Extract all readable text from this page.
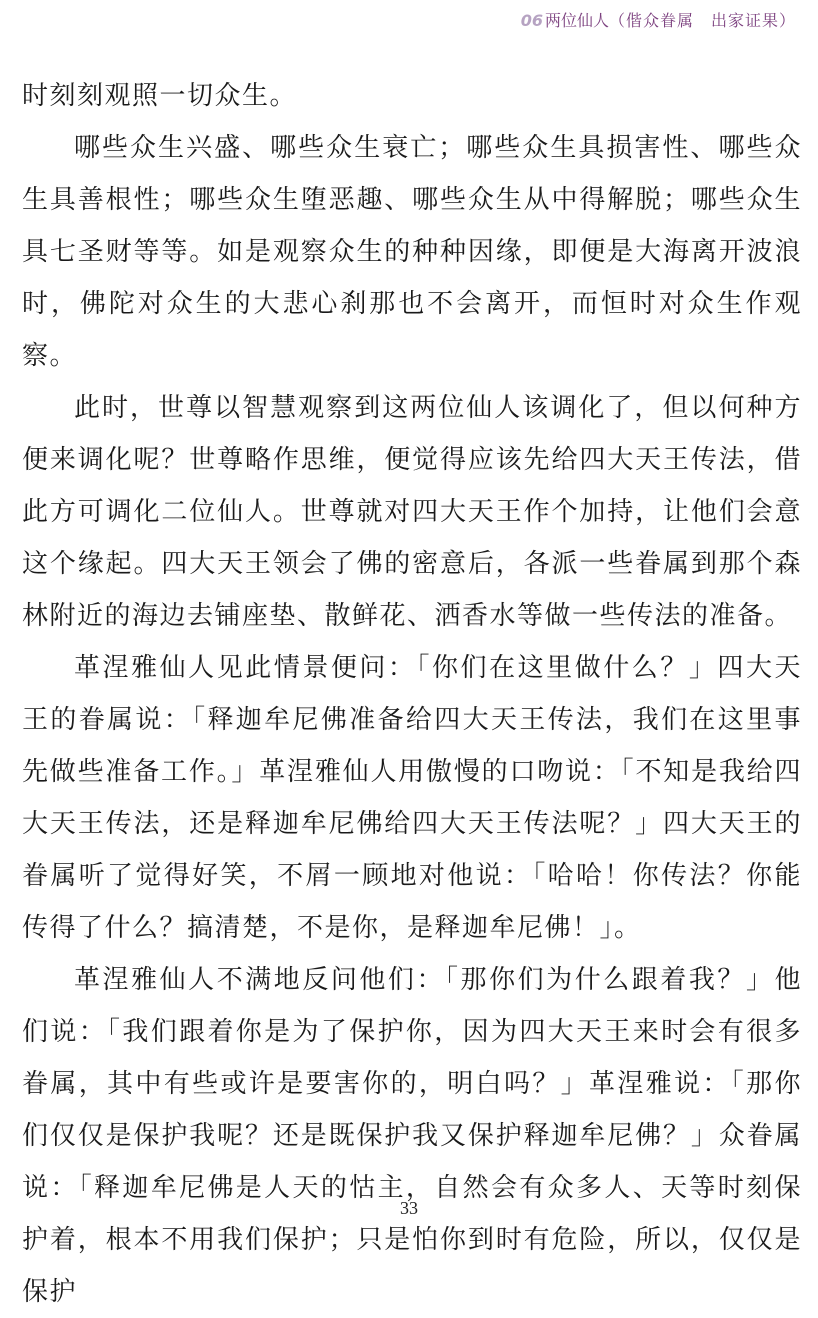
06 两位仙人（偕众眷属　出家证果）

时刻刻观照一切众生。

哪些众生兴盛、哪些众生衰亡；哪些众生具损害性、哪些众生具善根性；哪些众生堕恶趣、哪些众生从中得解脱；哪些众生具七圣财等等。如是观察众生的种种因缘，即便是大海离开波浪时，佛陀对众生的大悲心刹那也不会离开，而恒时对众生作观察。

此时，世尊以智慧观察到这两位仙人该调化了，但以何种方便来调化呢？世尊略作思维，便觉得应该先给四大天王传法，借此方可调化二位仙人。世尊就对四大天王作个加持，让他们会意这个缘起。四大天王领会了佛的密意后，各派一些眷属到那个森林附近的海边去铺座垫、散鲜花、洒香水等做一些传法的准备。

革涅雅仙人见此情景便问：「你们在这里做什么？」四大天王的眷属说：「释迦牟尼佛准备给四大天王传法，我们在这里事先做些准备工作。」革涅雅仙人用傲慢的口吻说：「不知是我给四大天王传法，还是释迦牟尼佛给四大天王传法呢？」四大天王的眷属听了觉得好笑，不屑一顾地对他说：「哈哈！你传法？你能传得了什么？搞清楚，不是你，是释迦牟尼佛！」。

革涅雅仙人不满地反问他们：「那你们为什么跟着我？」他们说：「我们跟着你是为了保护你，因为四大天王来时会有很多眷属，其中有些或许是要害你的，明白吗？」革涅雅说：「那你们仅仅是保护我呢？还是既保护我又保护释迦牟尼佛？」众眷属说：「释迦牟尼佛是人天的怙主，自然会有众多人、天等时刻保护着，根本不用我们保护；只是怕你到时有危险，所以，仅仅是保护

33
